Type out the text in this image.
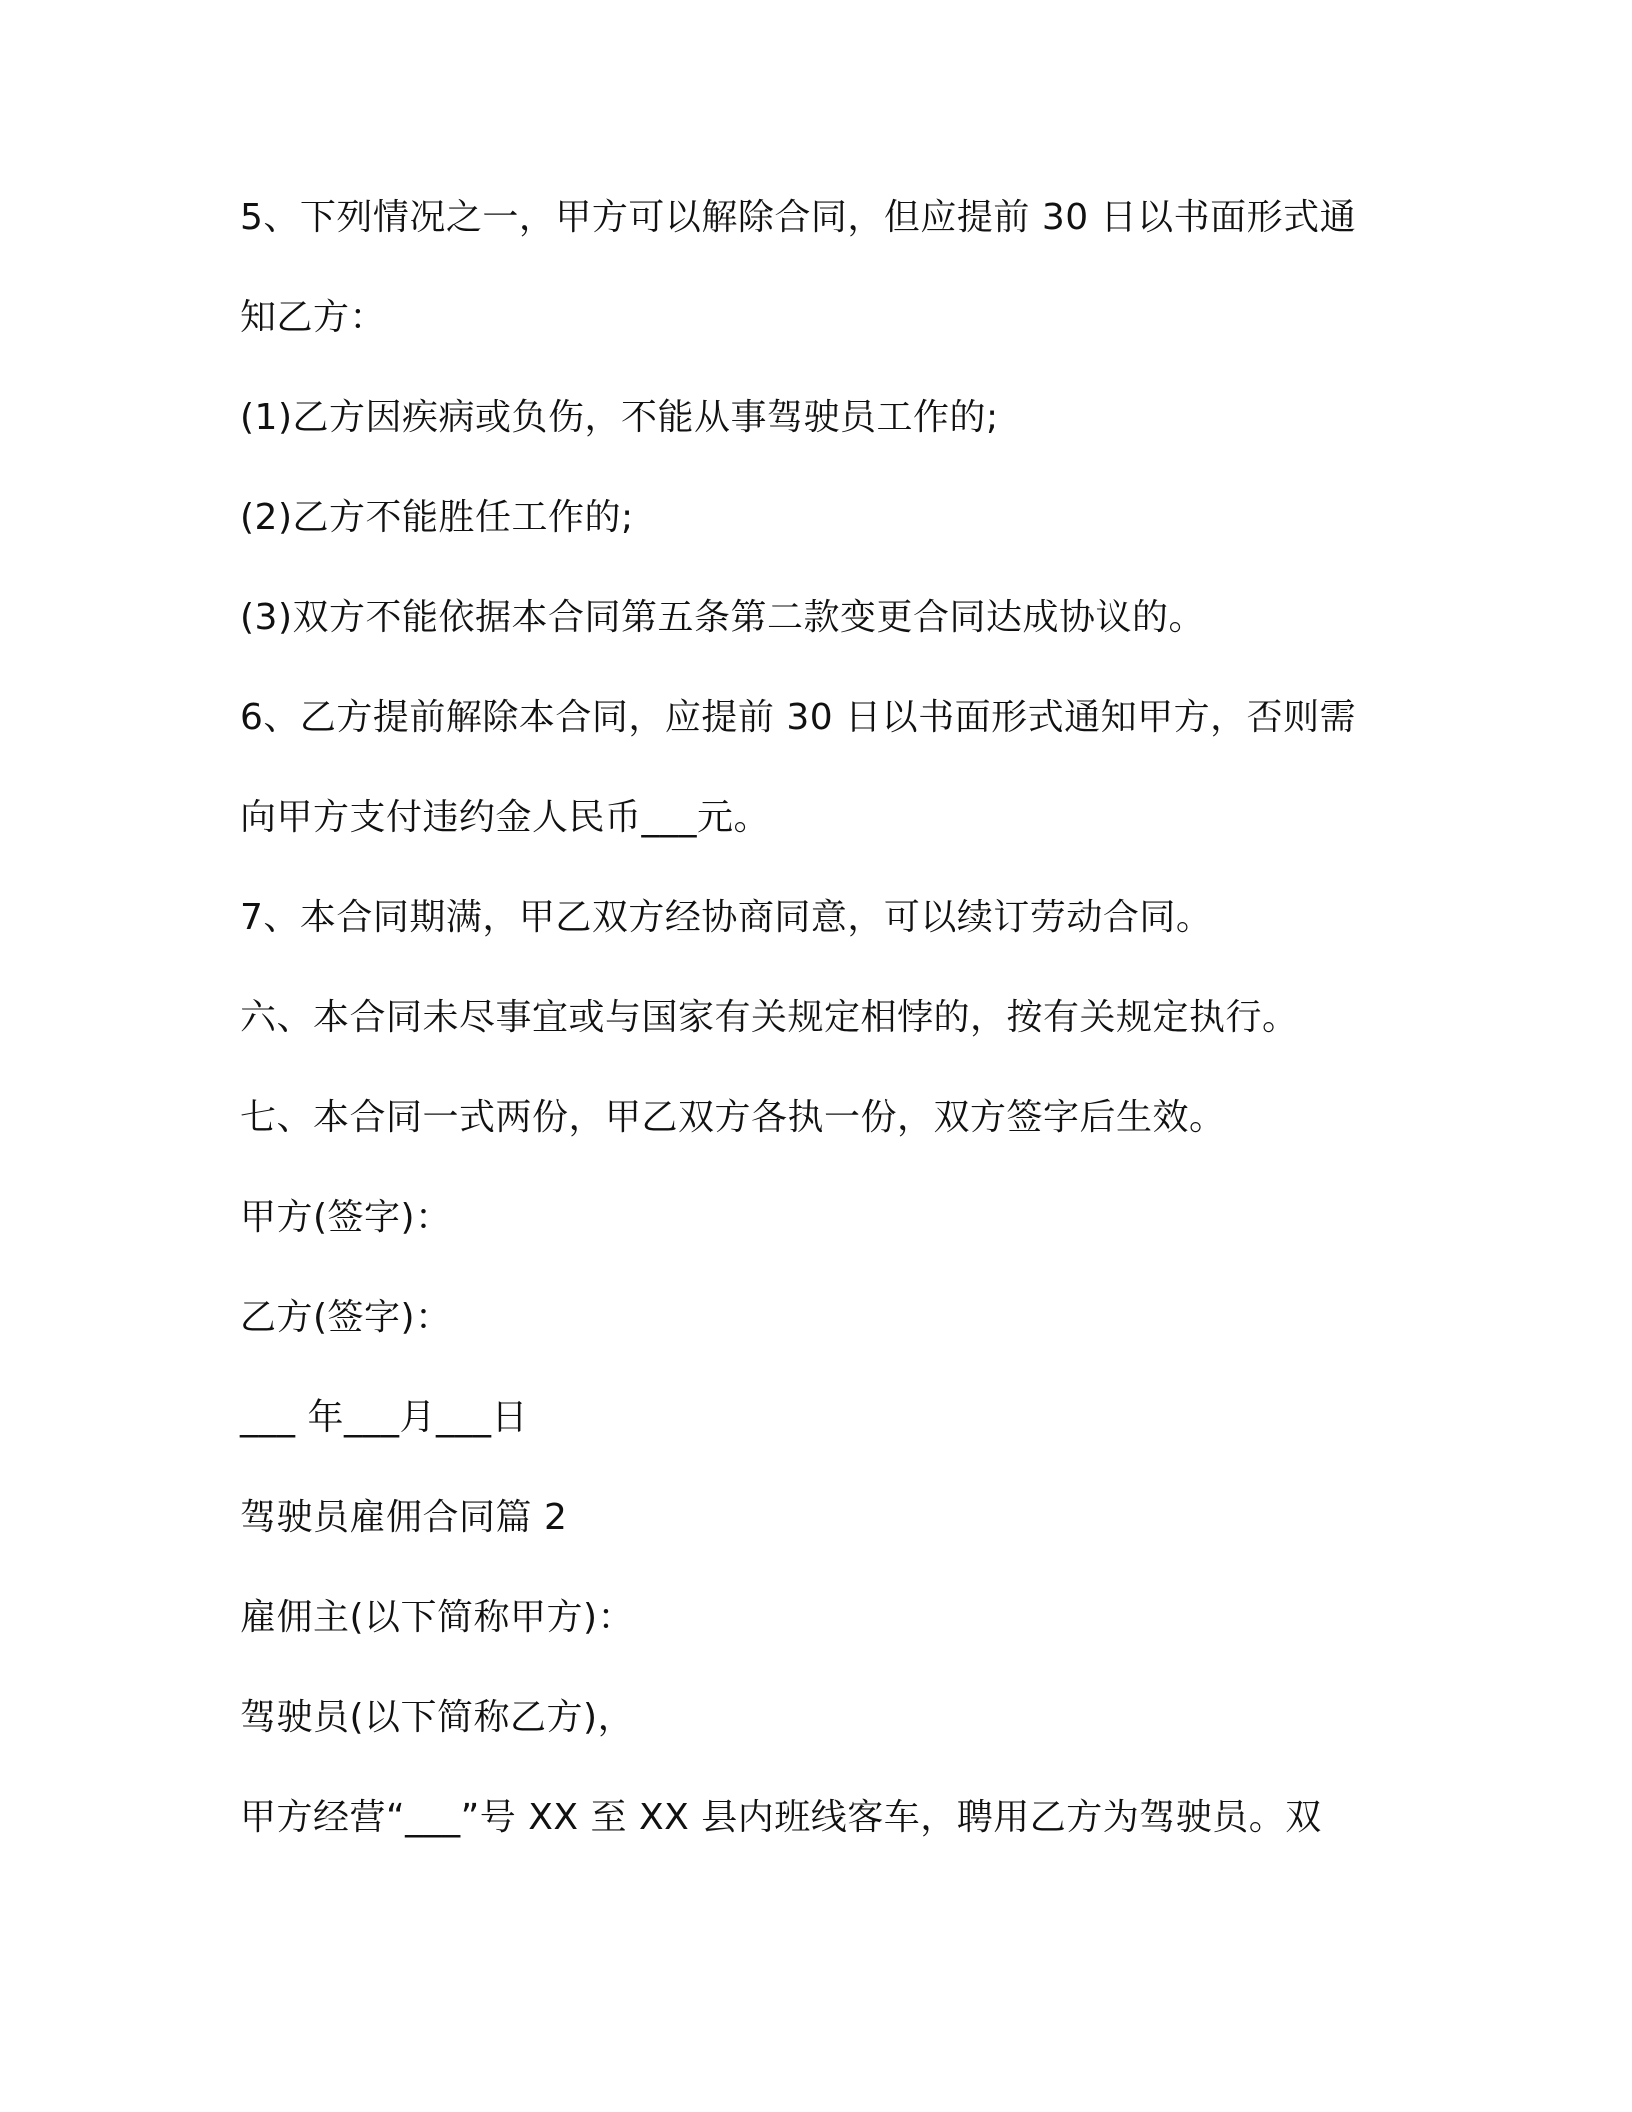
5、下列情况之一，甲方可以解除合同，但应提前 30 日以书面形式通
知乙方：
(1)乙方因疾病或负伤，不能从事驾驶员工作的;
(2)乙方不能胜任工作的;
(3)双方不能依据本合同第五条第二款变更合同达成协议的。
6、乙方提前解除本合同，应提前 30 日以书面形式通知甲方，否则需
向甲方支付违约金人民币___元。
7、本合同期满，甲乙双方经协商同意，可以续订劳动合同。
六、本合同未尽事宜或与国家有关规定相悖的，按有关规定执行。
七、本合同一式两份，甲乙双方各执一份，双方签字后生效。
甲方(签字)：
乙方(签字)：
___ 年___月___日
驾驶员雇佣合同篇 2
雇佣主(以下简称甲方)：
驾驶员(以下简称乙方)，
甲方经营“___”号 XX 至 XX 县内班线客车，聘用乙方为驾驶员。双
